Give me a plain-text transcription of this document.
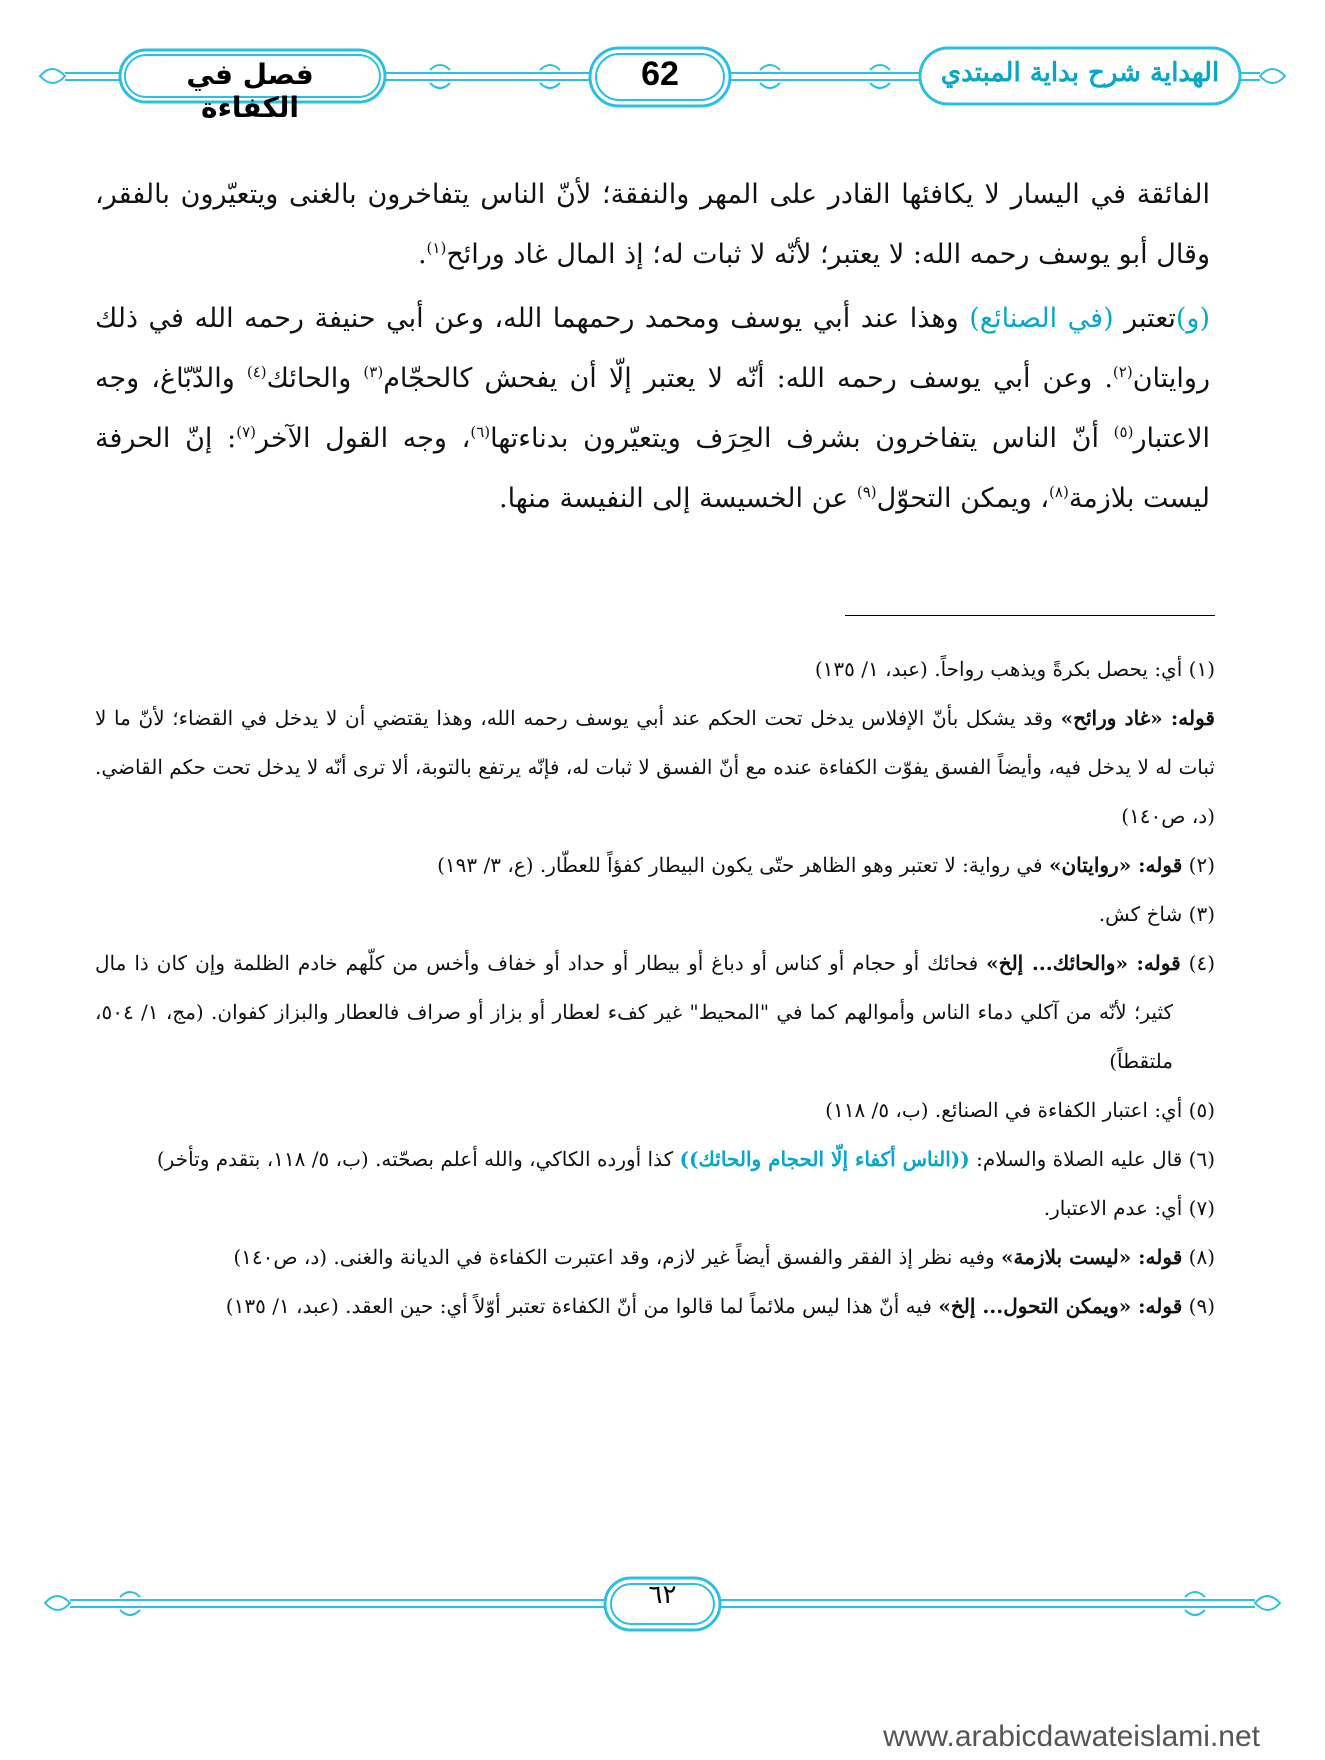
فصل في الكفاءة
62	الهداية شرح بداية المبتدي

الفائقة في اليسار لا يكافئها القادر على المهر والنفقة؛ لأنّ الناس يتفاخرون بالغنى ويتعيّرون بالفقر، وقال أبو يوسف رحمه الله: لا يعتبر؛ لأنّه لا ثبات له؛ إذ المال غاد ورائح$^{(١)}$.

(و)تعتبر (في الصنائع) وهذا عند أبي يوسف ومحمد رحمهما الله، وعن أبي حنيفة رحمه الله في ذلك روايتان$^{(٢)}$. وعن أبي يوسف رحمه الله: أنّه لا يعتبر إلّا أن يفحش كالحجّام$^{(٣)}$ والحائك$^{(٤)}$ والدّبّاغ، وجه الاعتبار$^{(٥)}$ أنّ الناس يتفاخرون بشرف الحِرَف ويتعيّرون بدناءتها$^{(٦)}$، وجه القول الآخر$^{(٧)}$: إنّ الحرفة ليست بلازمة$^{(٨)}$، ويمكن التحوّل$^{(٩)}$ عن الخسيسة إلى النفيسة منها.

(١) أي: يحصل بكرةً ويذهب رواحاً. (عبد، ١/ ١٣٥)

قوله: «غاد ورائح» وقد يشكل بأنّ الإفلاس يدخل تحت الحكم عند أبي يوسف رحمه الله، وهذا يقتضي أن لا يدخل في القضاء؛ لأنّ ما لا ثبات له لا يدخل فيه، وأيضاً الفسق يفوّت الكفاءة عنده مع أنّ الفسق لا ثبات له، فإنّه يرتفع بالتوبة، ألا ترى أنّه لا يدخل تحت حكم القاضي. (د، ص١٤٠)

(٢) قوله: «روايتان» في رواية: لا تعتبر وهو الظاهر حتّى يكون البيطار كفؤاً للعطّار. (ع، ٣/ ١٩٣)

(٣) شاخ كش.

(٤) قوله: «والحائك... إلخ» فحائك أو حجام أو كناس أو دباغ أو بيطار أو حداد أو خفاف وأخس من كلّهم خادم الظلمة وإن كان ذا مال كثير؛ لأنّه من آكلي دماء الناس وأموالهم كما في "المحيط" غير كفء لعطار أو بزاز أو صراف فالعطار والبزاز كفوان. (مج، ١/ ٥٠٤، ملتقطاً)

(٥) أي: اعتبار الكفاءة في الصنائع. (ب، ٥/ ١١٨)

(٦) قال عليه الصلاة والسلام: ((الناس أكفاء إلّا الحجام والحائك)) كذا أورده الكاكي، والله أعلم بصحّته. (ب، ٥/ ١١٨، بتقدم وتأخر)

(٧) أي: عدم الاعتبار.

(٨) قوله: «ليست بلازمة» وفيه نظر إذ الفقر والفسق أيضاً غير لازم، وقد اعتبرت الكفاءة في الديانة والغنى. (د، ص١٤٠)

(٩) قوله: «ويمكن التحول... إلخ» فيه أنّ هذا ليس ملائماً لما قالوا من أنّ الكفاءة تعتبر أوّلاً أي: حين العقد. (عبد، ١/ ١٣٥)

٦٢
www.arabicdawateislami.net
